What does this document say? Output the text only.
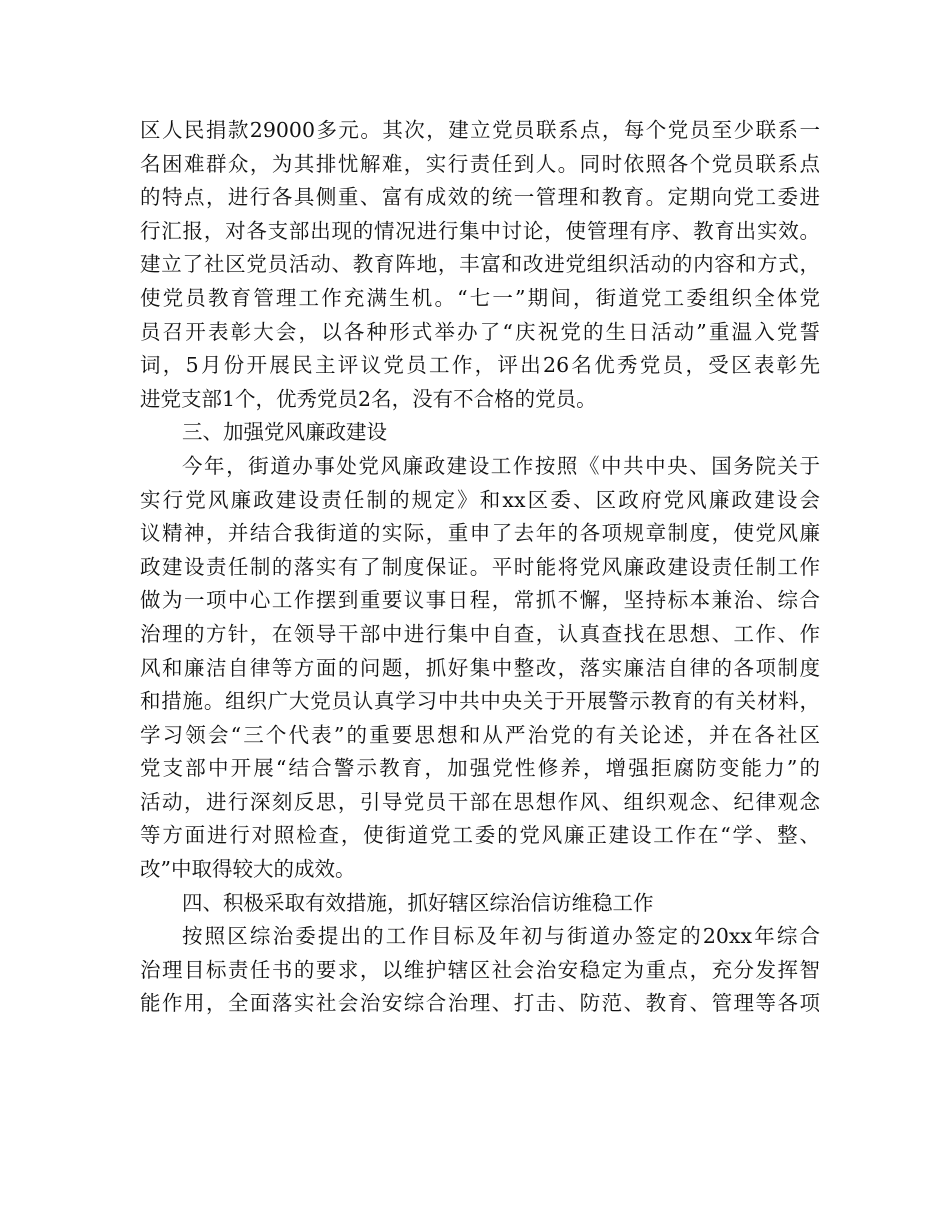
区人民捐款29000多元。其次，建立党员联系点，每个党员至少联系一
名困难群众，为其排忧解难，实行责任到人。同时依照各个党员联系点
的特点，进行各具侧重、富有成效的统一管理和教育。定期向党工委进
行汇报，对各支部出现的情况进行集中讨论，使管理有序、教育出实效。
建立了社区党员活动、教育阵地，丰富和改进党组织活动的内容和方式，
使党员教育管理工作充满生机。“七一”期间，街道党工委组织全体党
员召开表彰大会，以各种形式举办了“庆祝党的生日活动”重温入党誓
词，5月份开展民主评议党员工作，评出26名优秀党员，受区表彰先
进党支部1个，优秀党员2名，没有不合格的党员。
三、加强党风廉政建设
今年，街道办事处党风廉政建设工作按照《中共中央、国务院关于
实行党风廉政建设责任制的规定》和xx区委、区政府党风廉政建设会
议精神，并结合我街道的实际，重申了去年的各项规章制度，使党风廉
政建设责任制的落实有了制度保证。平时能将党风廉政建设责任制工作
做为一项中心工作摆到重要议事日程，常抓不懈，坚持标本兼治、综合
治理的方针，在领导干部中进行集中自查，认真查找在思想、工作、作
风和廉洁自律等方面的问题，抓好集中整改，落实廉洁自律的各项制度
和措施。组织广大党员认真学习中共中央关于开展警示教育的有关材料，
学习领会“三个代表”的重要思想和从严治党的有关论述，并在各社区
党支部中开展“结合警示教育，加强党性修养，增强拒腐防变能力”的
活动，进行深刻反思，引导党员干部在思想作风、组织观念、纪律观念
等方面进行对照检查，使街道党工委的党风廉正建设工作在“学、整、
改”中取得较大的成效。
四、积极采取有效措施，抓好辖区综治信访维稳工作
按照区综治委提出的工作目标及年初与街道办签定的20xx年综合
治理目标责任书的要求，以维护辖区社会治安稳定为重点，充分发挥智
能作用，全面落实社会治安综合治理、打击、防范、教育、管理等各项
